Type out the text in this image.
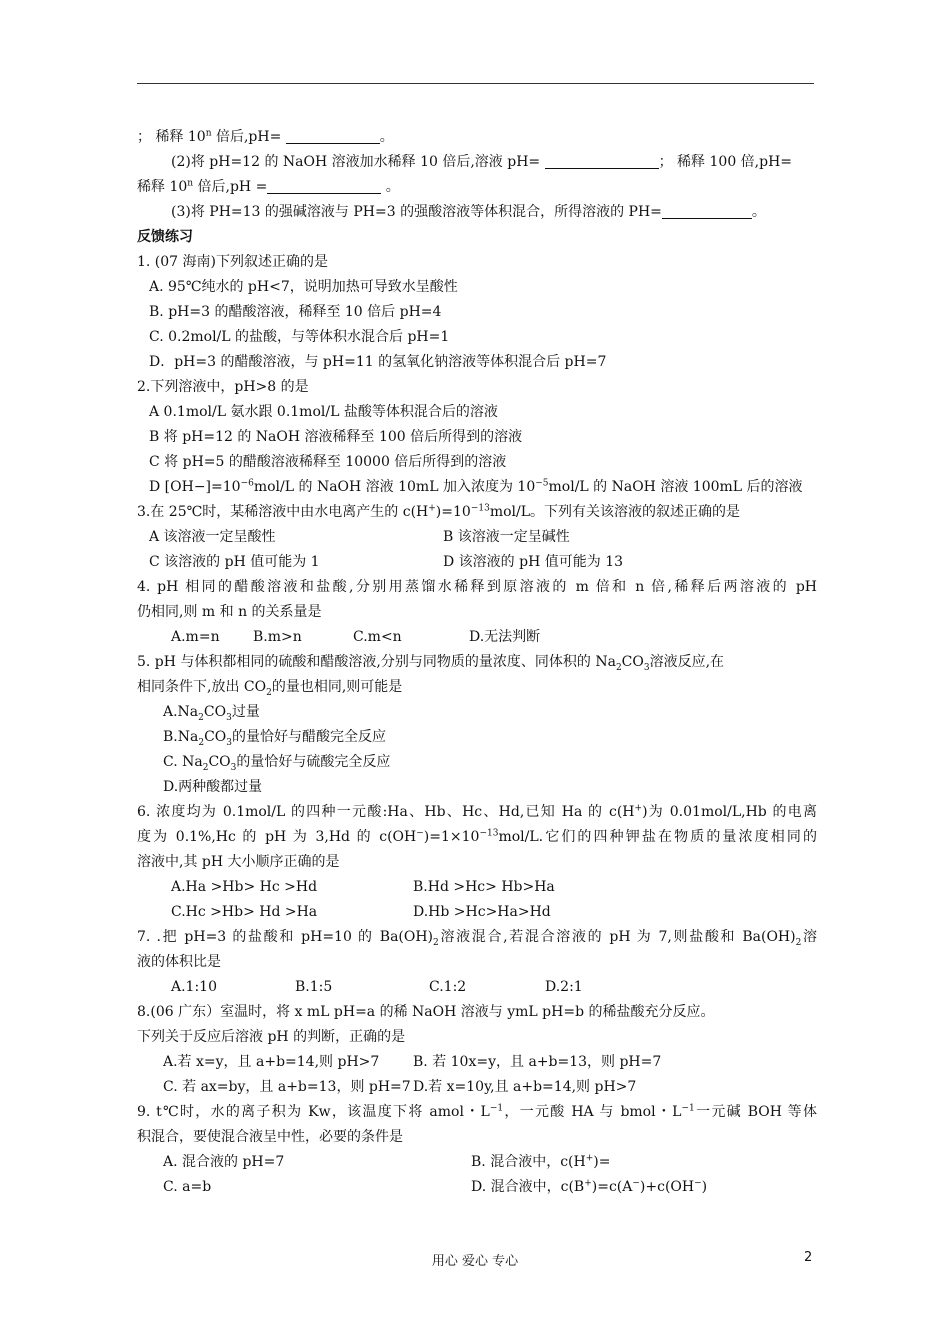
； 稀释 10$^n$ 倍后,pH=	。
(2)将 pH=12 的 NaOH 溶液加水稀释 10 倍后,溶液 pH=	； 稀释 100 倍,pH=
稀释 10$^n$ 倍后,pH =	。
(3)将 PH=13 的强碱溶液与 PH=3 的强酸溶液等体积混合，所得溶液的 PH=	。
反馈练习
1. (07 海南)下列叙述正确的是
A. 95℃纯水的 pH<7，说明加热可导致水呈酸性
B. pH=3 的醋酸溶液，稀释至 10 倍后 pH=4
C. 0.2mol/L 的盐酸，与等体积水混合后 pH=1
D．pH=3 的醋酸溶液，与 pH=11 的氢氧化钠溶液等体积混合后 pH=7
2.下列溶液中，pH>8 的是
A 0.1mol/L 氨水跟 0.1mol/L 盐酸等体积混合后的溶液
B 将 pH=12 的 NaOH 溶液稀释至 100 倍后所得到的溶液
C 将 pH=5 的醋酸溶液稀释至 10000 倍后所得到的溶液
D $[OH-]=10^{-6}mol/L$ 的 NaOH 溶液 10mL 加入浓度为 $10^{-5}mol/L$ 的 NaOH 溶液 100mL 后的溶液
3.在 25℃时，某稀溶液中由水电离产生的 $c(H^+)=10^{-13}mol/L$。下列有关该溶液的叙述正确的是
A 该溶液一定呈酸性	B 该溶液一定呈碱性
C 该溶液的 pH 值可能为 1	D 该溶液的 pH 值可能为 13
4. pH 相同的醋酸溶液和盐酸,分别用蒸馏水稀释到原溶液的 m 倍和 n 倍,稀释后两溶液的 pH
仍相同,则 m 和 n 的关系量是
A.m=n B.m>n	C.m<n	D.无法判断
5. pH 与体积都相同的硫酸和醋酸溶液,分别与同物质的量浓度、同体积的 $Na_2CO_3$溶液反应,在
相同条件下,放出 $CO_2$的量也相同,则可能是
$A.Na_2CO_3$过量
$B.Na_2CO_3$的量恰好与醋酸完全反应
C. $Na_2CO_3$的量恰好与硫酸完全反应
D.两种酸都过量
6. 浓度均为 0.1mol/L 的四种一元酸:Ha、Hb、Hc、Hd,已知 Ha 的 c(H+)为 0.01mol/L,Hb 的电离
度为 0.1%,Hc 的 pH 为 3,Hd 的 $c(OH^-)=1\times 10^{-13}mol/L$.它们的四种钾盐在物质的量浓度相同的
溶液中,其 pH 大小顺序正确的是
A.Ha >Hb> Hc >Hd	B.Hd >Hc> Hb>Ha
C.Hc >Hb> Hd >Ha	D.Hb >Hc>Ha>Hd
7. .把 pH=3 的盐酸和 pH=10 的 $Ba(OH)_2$溶液混合,若混合溶液的 pH 为 7,则盐酸和 $Ba(OH)_2$溶
液的体积比是
A.1:10	B.1:5	C.1:2	D.2:1
8.(06 广东）室温时，将 x mL pH=a 的稀 NaOH 溶液与 ymL pH=b 的稀盐酸充分反应。
下列关于反应后溶液 pH 的判断，正确的是
A.若 x=y，且 a+b=14,则 pH>7 B. 若 10x=y，且 a+b=13，则 pH=7
C. 若 ax=by，且 a+b=13，则 pH=7 D.若 x=10y,且 a+b=14,则 pH>7
9. t℃时，水的离子积为 Kw，该温度下将 amol・$L^{-1}$，一元酸 HA 与 bmol・$L^{-1}$一元碱 BOH 等体
积混合，要使混合液呈中性，必要的条件是
A. 混合液的 pH=7	B. 混合液中，c(H+)=
C. a=b	D. 混合液中，c(B+)=c(A−)+c(OH−)
用心 爱心 专心	2
